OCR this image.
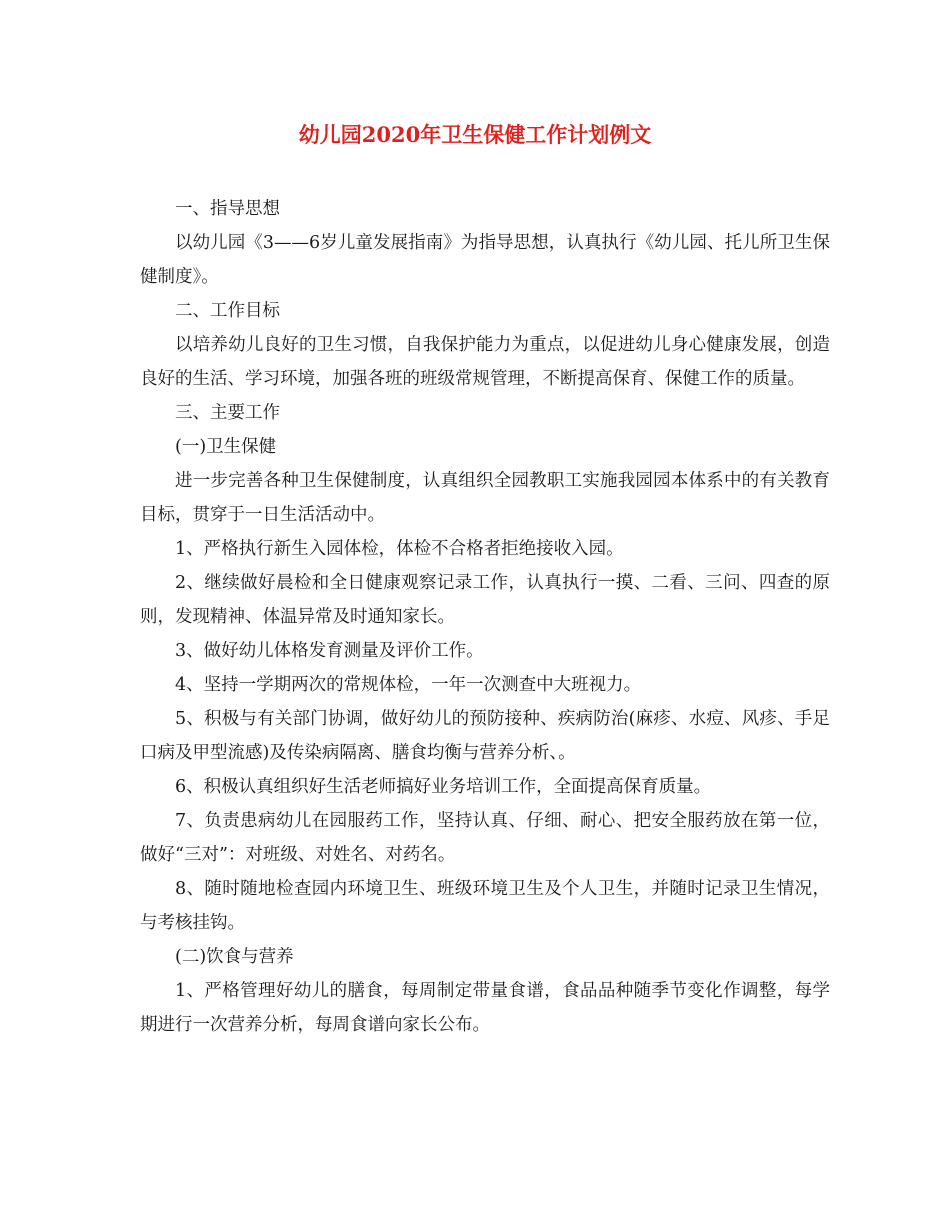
幼儿园2020年卫生保健工作计划例文

一、指导思想

以幼儿园《3——6岁儿童发展指南》为指导思想，认真执行《幼儿园、托儿所卫生保健制度》。

二、工作目标

以培养幼儿良好的卫生习惯，自我保护能力为重点，以促进幼儿身心健康发展，创造良好的生活、学习环境，加强各班的班级常规管理，不断提高保育、保健工作的质量。

三、主要工作

(一)卫生保健

进一步完善各种卫生保健制度，认真组织全园教职工实施我园园本体系中的有关教育目标，贯穿于一日生活活动中。

1、严格执行新生入园体检，体检不合格者拒绝接收入园。

2、继续做好晨检和全日健康观察记录工作，认真执行一摸、二看、三问、四查的原则，发现精神、体温异常及时通知家长。

3、做好幼儿体格发育测量及评价工作。

4、坚持一学期两次的常规体检，一年一次测查中大班视力。

5、积极与有关部门协调，做好幼儿的预防接种、疾病防治(麻疹、水痘、风疹、手足口病及甲型流感)及传染病隔离、膳食均衡与营养分析、。

6、积极认真组织好生活老师搞好业务培训工作，全面提高保育质量。

7、负责患病幼儿在园服药工作，坚持认真、仔细、耐心、把安全服药放在第一位，做好“三对”：对班级、对姓名、对药名。

8、随时随地检查园内环境卫生、班级环境卫生及个人卫生，并随时记录卫生情况，与考核挂钩。

(二)饮食与营养

1、严格管理好幼儿的膳食，每周制定带量食谱，食品品种随季节变化作调整，每学期进行一次营养分析，每周食谱向家长公布。
